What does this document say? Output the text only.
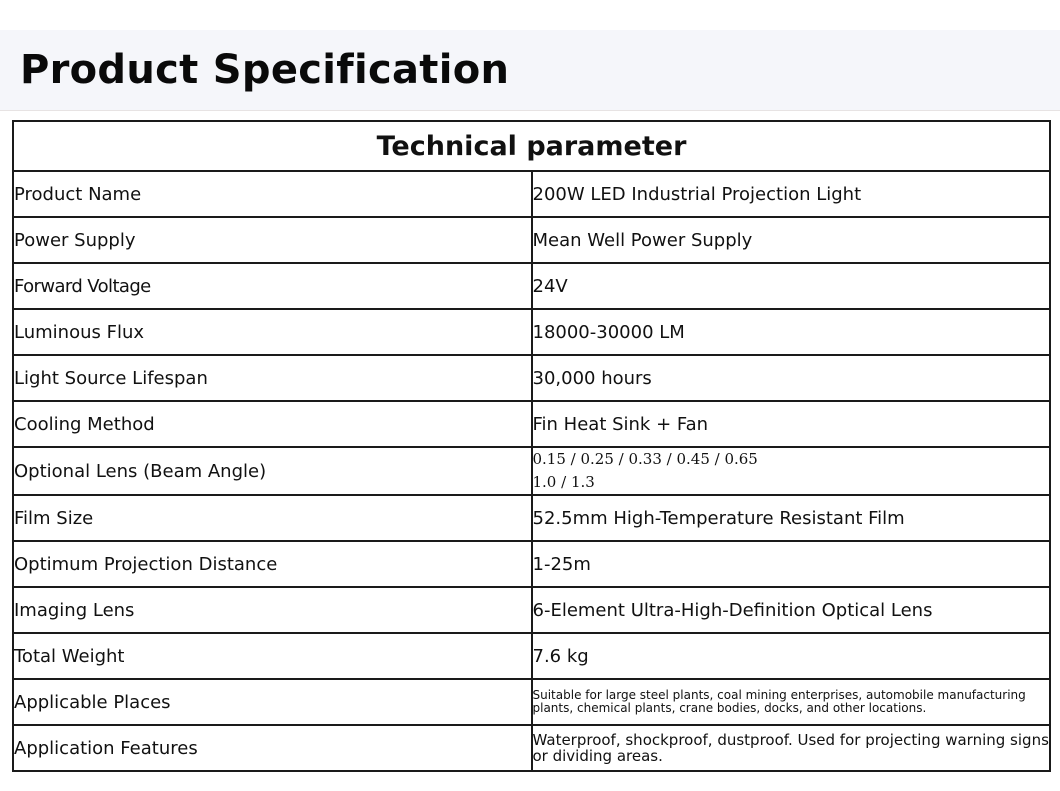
Product Specification
Technical parameter	
Product Name	200W LED Industrial Projection Light
Power Supply	Mean Well Power Supply
Forward Voltage	24V
Luminous Flux	18000-30000 LM
Light Source Lifespan	30,000 hours
Cooling Method	Fin Heat Sink + Fan
Optional Lens (Beam Angle)	0.15 / 0.25 / 0.33 / 0.45 / 0.65
1.0 / 1.3

Film Size	52.5mm High-Temperature Resistant Film
Optimum Projection Distance	1-25m
Imaging Lens	6-Element Ultra-High-Definition Optical Lens
Total Weight	7.6 kg
Applicable Places	Suitable for large steel plants, coal mining enterprises, automobile manufacturing plants, chemical plants, crane bodies, docks, and other locations.
Application Features	Waterproof, shockproof, dustproof. Used for projecting warning signs or dividing areas.
